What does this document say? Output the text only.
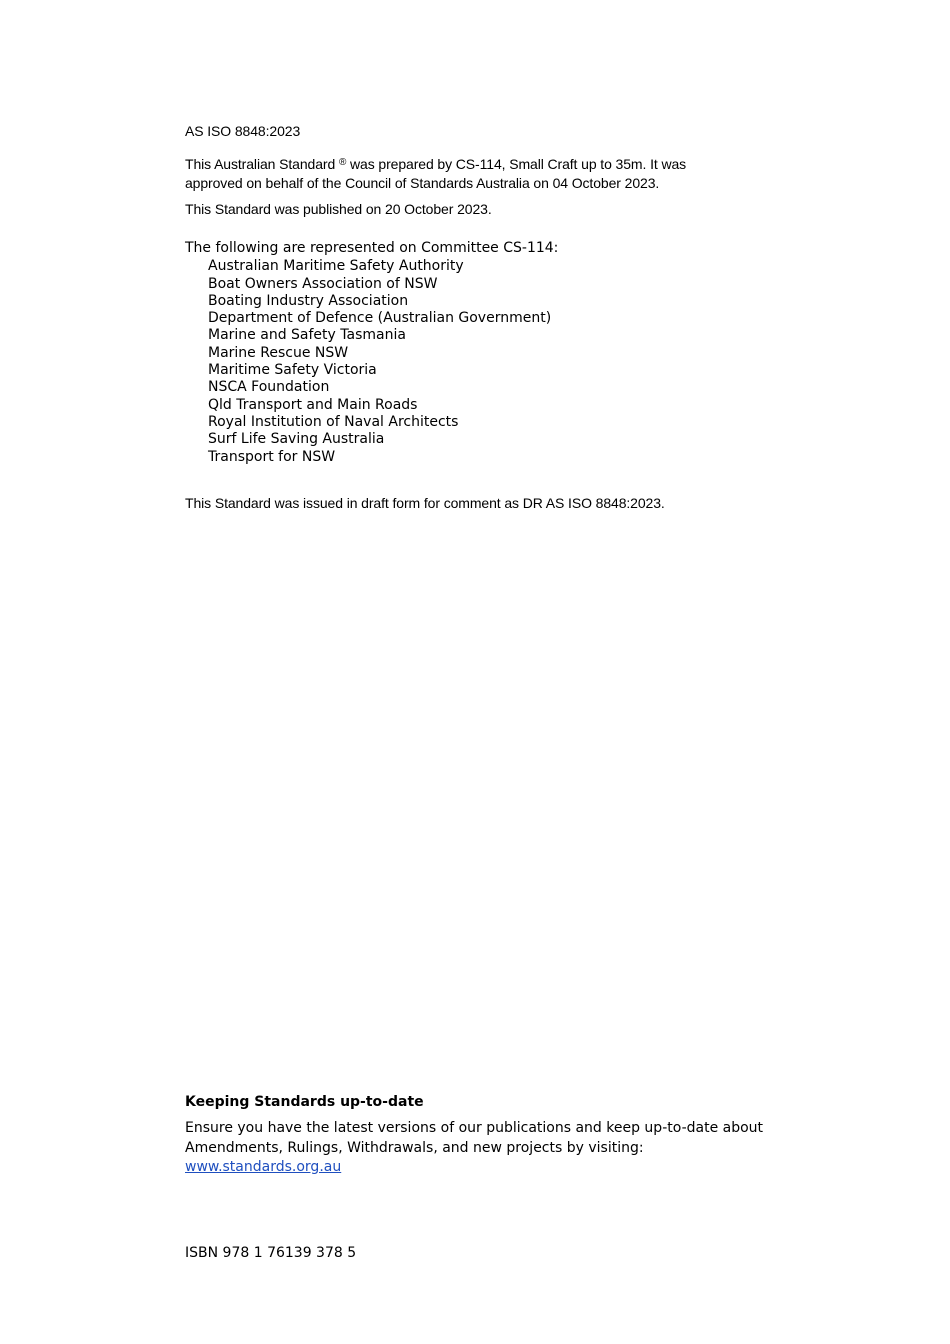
AS ISO 8848:2023
This Australian Standard ® was prepared by CS-114, Small Craft up to 35m. It was
approved on behalf of the Council of Standards Australia on 04 October 2023.
This Standard was published on 20 October 2023.
The following are represented on Committee CS-114:
Australian Maritime Safety Authority
Boat Owners Association of NSW
Boating Industry Association
Department of Defence (Australian Government)
Marine and Safety Tasmania
Marine Rescue NSW
Maritime Safety Victoria
NSCA Foundation
Qld Transport and Main Roads
Royal Institution of Naval Architects
Surf Life Saving Australia
Transport for NSW
This Standard was issued in draft form for comment as DR AS ISO 8848:2023.
Keeping Standards up-to-date
Ensure you have the latest versions of our publications and keep up-to-date about
Amendments, Rulings, Withdrawals, and new projects by visiting:
www.standards.org.au
ISBN 978 1 76139 378 5
